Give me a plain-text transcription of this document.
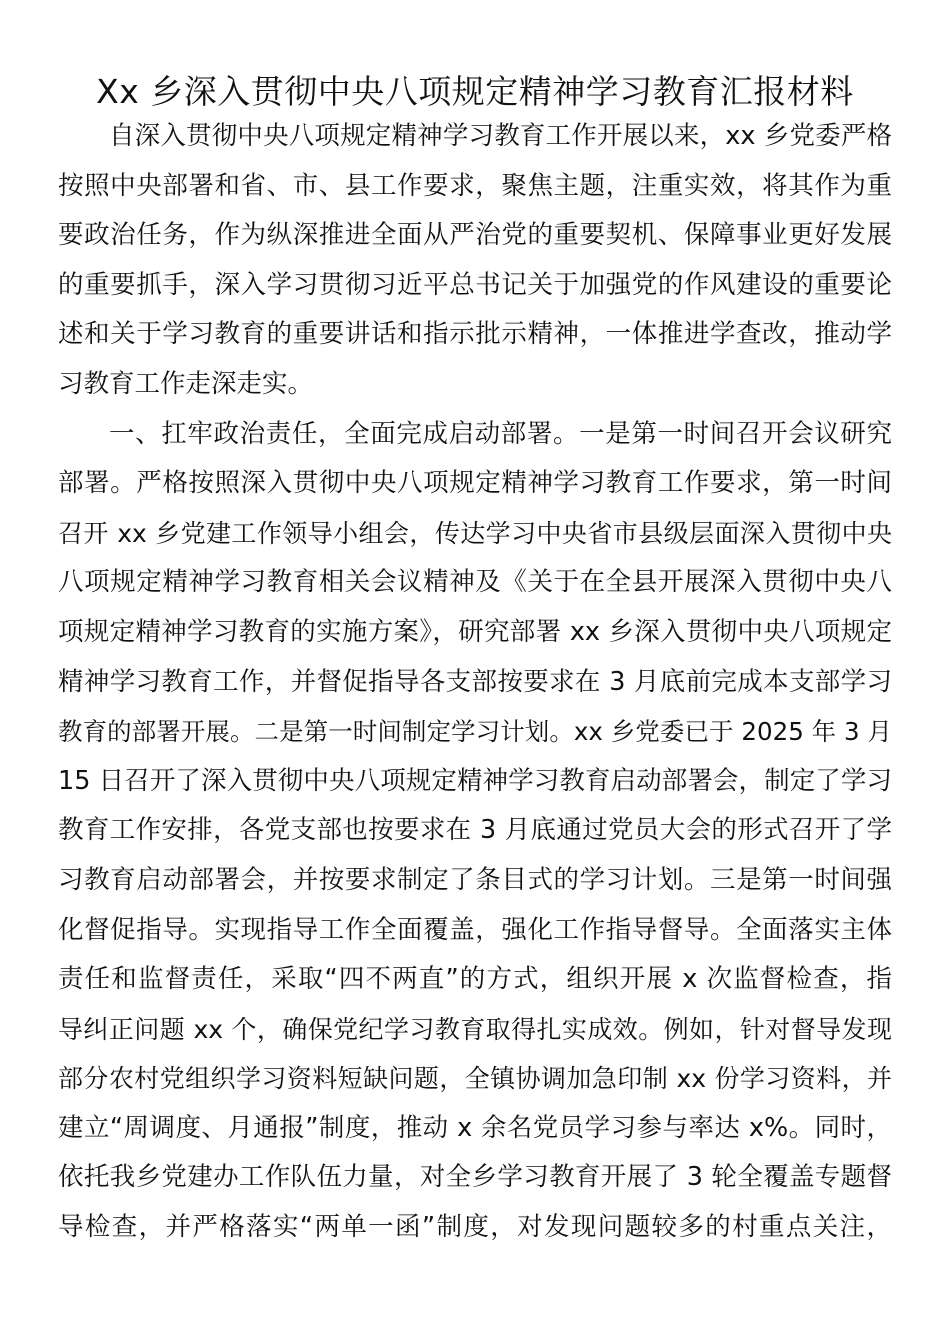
Xx 乡深入贯彻中央八项规定精神学习教育汇报材料
自深入贯彻中央八项规定精神学习教育工作开展以来，xx 乡党委严格
按照中央部署和省、市、县工作要求，聚焦主题，注重实效，将其作为重
要政治任务，作为纵深推进全面从严治党的重要契机、保障事业更好发展
的重要抓手，深入学习贯彻习近平总书记关于加强党的作风建设的重要论
述和关于学习教育的重要讲话和指示批示精神，一体推进学查改，推动学
习教育工作走深走实。
一、扛牢政治责任，全面完成启动部署。一是第一时间召开会议研究
部署。严格按照深入贯彻中央八项规定精神学习教育工作要求，第一时间
召开 xx 乡党建工作领导小组会，传达学习中央省市县级层面深入贯彻中央
八项规定精神学习教育相关会议精神及《关于在全县开展深入贯彻中央八
项规定精神学习教育的实施方案》，研究部署 xx 乡深入贯彻中央八项规定
精神学习教育工作，并督促指导各支部按要求在 3 月底前完成本支部学习
教育的部署开展。二是第一时间制定学习计划。xx 乡党委已于 2025 年 3 月
15 日召开了深入贯彻中央八项规定精神学习教育启动部署会，制定了学习
教育工作安排，各党支部也按要求在 3 月底通过党员大会的形式召开了学
习教育启动部署会，并按要求制定了条目式的学习计划。三是第一时间强
化督促指导。实现指导工作全面覆盖，强化工作指导督导。全面落实主体
责任和监督责任，采取“四不两直”的方式，组织开展 x 次监督检查，指
导纠正问题 xx 个，确保党纪学习教育取得扎实成效。例如，针对督导发现
部分农村党组织学习资料短缺问题，全镇协调加急印制 xx 份学习资料，并
建立“周调度、月通报”制度，推动 x 余名党员学习参与率达 x%。同时，
依托我乡党建办工作队伍力量，对全乡学习教育开展了 3 轮全覆盖专题督
导检查，并严格落实“两单一函”制度，对发现问题较多的村重点关注，
